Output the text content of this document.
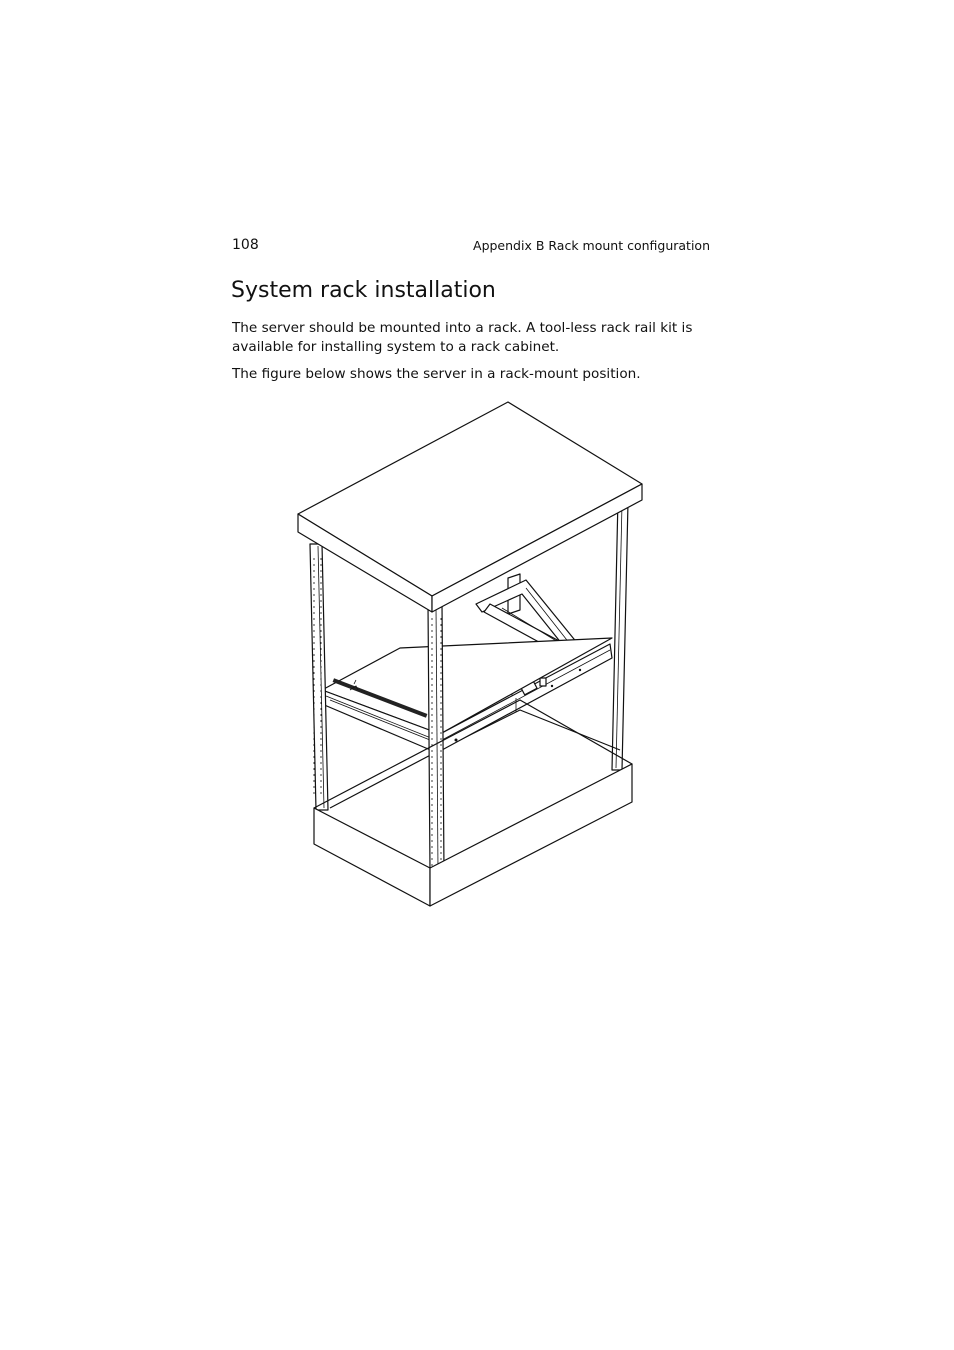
108	Appendix B Rack mount configuration
System rack installation

The server should be mounted into a rack. A tool-less rack rail kit is available for installing system to a rack cabinet.

The figure below shows the server in a rack-mount position.
